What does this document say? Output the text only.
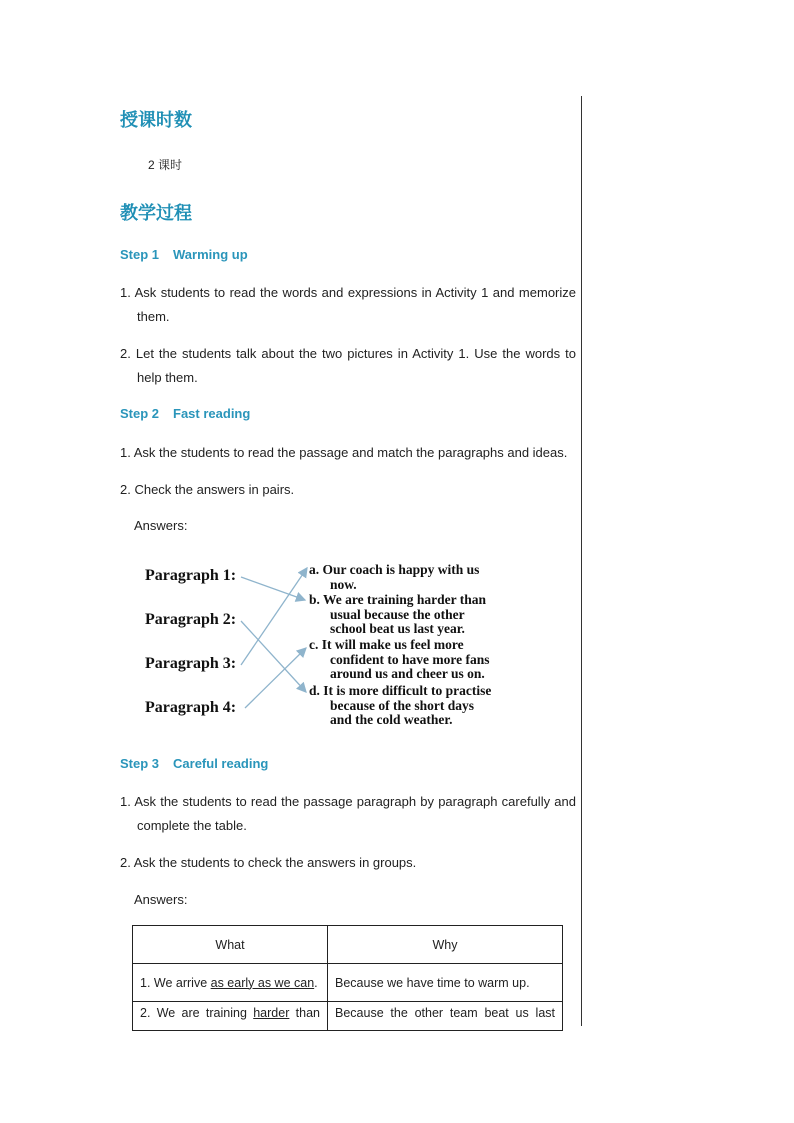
授课时数
2 课时
教学过程
Step 1 Warming up
1. Ask students to read the words and expressions in Activity 1 and memorize
them.
2. Let the students talk about the two pictures in Activity 1. Use the words to
help them.
Step 2 Fast reading
1. Ask the students to read the passage and match the paragraphs and ideas.
2. Check the answers in pairs.
Answers:
Paragraph 1:
Paragraph 2:
Paragraph 3:
Paragraph 4:
a. Our coach is happy with us
now.
b. We are training harder than
usual because the other
school beat us last year.
c. It will make us feel more
confident to have more fans
around us and cheer us on.
d. It is more difficult to practise
because of the short days
and the cold weather.
Step 3 Careful reading
1. Ask the students to read the passage paragraph by paragraph carefully and
complete the table.
2. Ask the students to check the answers in groups.
Answers:
What	Why
1. We arrive as early as we can.	Because we have time to warm up.
2. We are training harder than	Because the other team beat us last
